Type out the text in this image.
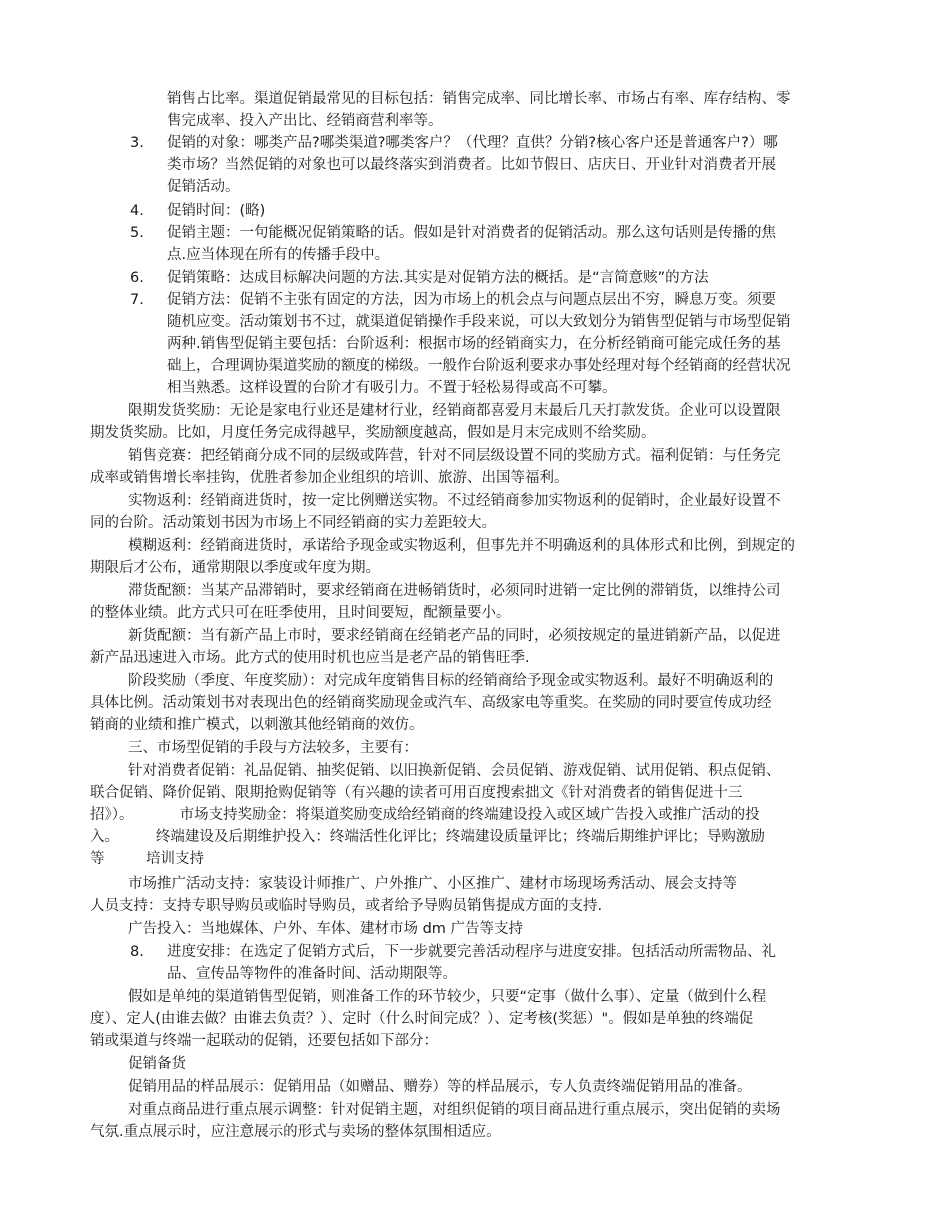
销售占比率。渠道促销最常见的目标包括：销售完成率、同比增长率、市场占有率、库存结构、零
售完成率、投入产出比、经销商营利率等。
3. 促销的对象：哪类产品?哪类渠道?哪类客户？（代理？直供？分销?核心客户还是普通客户?）哪
类市场？当然促销的对象也可以最终落实到消费者。比如节假日、店庆日、开业针对消费者开展
促销活动。
4. 促销时间：(略)
5. 促销主题：一句能概况促销策略的话。假如是针对消费者的促销活动。那么这句话则是传播的焦
点.应当体现在所有的传播手段中。
6. 促销策略：达成目标解决问题的方法.其实是对促销方法的概括。是“言简意赅”的方法
7. 促销方法：促销不主张有固定的方法，因为市场上的机会点与问题点层出不穷，瞬息万变。须要
随机应变。活动策划书不过，就渠道促销操作手段来说，可以大致划分为销售型促销与市场型促销
两种.销售型促销主要包括：台阶返利：根据市场的经销商实力，在分析经销商可能完成任务的基
础上，合理调协渠道奖励的额度的梯级。一般作台阶返利要求办事处经理对每个经销商的经营状况
相当熟悉。这样设置的台阶才有吸引力。不置于轻松易得或高不可攀。
限期发货奖励：无论是家电行业还是建材行业，经销商都喜爱月末最后几天打款发货。企业可以设置限
期发货奖励。比如，月度任务完成得越早，奖励额度越高，假如是月末完成则不给奖励。
销售竞赛：把经销商分成不同的层级或阵营，针对不同层级设置不同的奖励方式。福利促销：与任务完
成率或销售增长率挂钩，优胜者参加企业组织的培训、旅游、出国等福利。
实物返利：经销商进货时，按一定比例赠送实物。不过经销商参加实物返利的促销时，企业最好设置不
同的台阶。活动策划书因为市场上不同经销商的实力差距较大。
模糊返利：经销商进货时，承诺给予现金或实物返利，但事先并不明确返利的具体形式和比例，到规定的
期限后才公布，通常期限以季度或年度为期。
滞货配额：当某产品滞销时，要求经销商在进畅销货时，必须同时进销一定比例的滞销货，以维持公司
的整体业绩。此方式只可在旺季使用，且时间要短，配额量要小。
新货配额：当有新产品上市时，要求经销商在经销老产品的同时，必须按规定的量进销新产品，以促进
新产品迅速进入市场。此方式的使用时机也应当是老产品的销售旺季.
阶段奖励（季度、年度奖励）：对完成年度销售目标的经销商给予现金或实物返利。最好不明确返利的
具体比例。活动策划书对表现出色的经销商奖励现金或汽车、高级家电等重奖。在奖励的同时要宣传成功经
销商的业绩和推广模式，以刺激其他经销商的效仿。
三、市场型促销的手段与方法较多，主要有：
针对消费者促销：礼品促销、抽奖促销、以旧换新促销、会员促销、游戏促销、试用促销、积点促销、
联合促销、降价促销、限期抢购促销等（有兴趣的读者可用百度搜索拙文《针对消费者的销售促进十三
招》）。          市场支持奖励金：将渠道奖励变成给经销商的终端建设投入或区域广告投入或推广活动的投
入。        终端建设及后期维护投入：终端活性化评比；终端建设质量评比；终端后期维护评比；导购激励
等         培训支持
市场推广活动支持：家装设计师推广、户外推广、小区推广、建材市场现场秀活动、展会支持等
人员支持：支持专职导购员或临时导购员，或者给予导购员销售提成方面的支持.
广告投入：当地媒体、户外、车体、建材市场 dm 广告等支持
8. 进度安排：在选定了促销方式后，下一步就要完善活动程序与进度安排。包括活动所需物品、礼
品、宣传品等物件的准备时间、活动期限等。
假如是单纯的渠道销售型促销，则准备工作的环节较少，只要“定事（做什么事）、定量（做到什么程
度）、定人(由谁去做？由谁去负责？）、定时（什么时间完成？）、定考核(奖惩）"。假如是单独的终端促
销或渠道与终端一起联动的促销，还要包括如下部分：
促销备货
促销用品的样品展示：促销用品（如赠品、赠券）等的样品展示，专人负责终端促销用品的准备。
对重点商品进行重点展示调整：针对促销主题，对组织促销的项目商品进行重点展示，突出促销的卖场
气氛.重点展示时，应注意展示的形式与卖场的整体氛围相适应。
